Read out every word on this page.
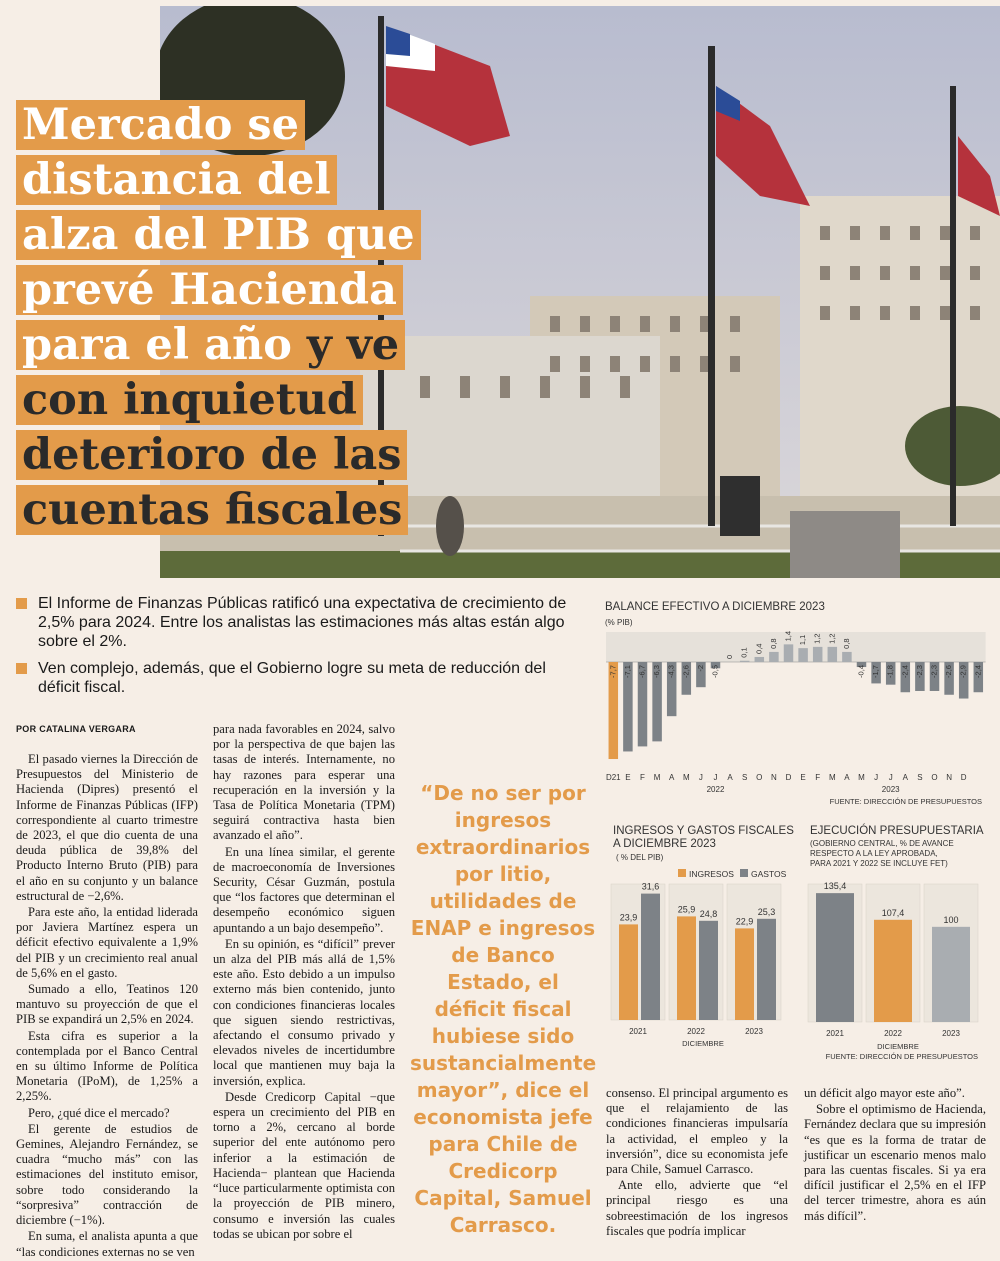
Mercado se
distancia del
alza del PIB que
prevé Hacienda
para el año y ve
con inquietud
deterioro de las
cuentas fiscales
El Informe de Finanzas Públicas ratificó una expectativa de crecimiento de 2,5% para 2024. Entre los analistas las estimaciones más altas están algo sobre el 2%.
Ven complejo, además, que el Gobierno logre su meta de reducción del déficit fiscal.
POR CATALINA VERGARA

El pasado viernes la Dirección de Presupuestos del Ministerio de Hacienda (Dipres) presentó el Informe de Finanzas Públicas (IFP) correspondiente al cuarto trimestre de 2023, el que dio cuenta de una deuda pública de 39,8% del Producto Interno Bruto (PIB) para el año en su conjunto y un balance estructural de −2,6%.

Para este año, la entidad liderada por Javiera Martínez espera un déficit efectivo equivalente a 1,9% del PIB y un crecimiento real anual de 5,6% en el gasto.

Sumado a ello, Teatinos 120 mantuvo su proyección de que el PIB se expandirá un 2,5% en 2024.

Esta cifra es superior a la contemplada por el Banco Central en su último Informe de Política Monetaria (IPoM), de 1,25% a 2,25%.

Pero, ¿qué dice el mercado?

El gerente de estudios de Gemines, Alejandro Fernández, se cuadra “mucho más” con las estimaciones del instituto emisor, sobre todo considerando la “sorpresiva” contracción de diciembre (−1%).

En suma, el analista apunta a que “las condiciones externas no se ven

para nada favorables en 2024, salvo por la perspectiva de que bajen las tasas de interés. Internamente, no hay razones para esperar una recuperación en la inversión y la Tasa de Política Monetaria (TPM) seguirá contractiva hasta bien avanzado el año”.

En una línea similar, el gerente de macroeconomía de Inversiones Security, César Guzmán, postula que “los factores que determinan el desempeño económico siguen apuntando a un bajo desempeño”.

En su opinión, es “difícil” prever un alza del PIB más allá de 1,5% este año. Esto debido a un impulso externo más bien contenido, junto con condiciones financieras locales que siguen siendo restrictivas, afectando el consumo privado y elevados niveles de incertidumbre local que mantienen muy baja la inversión, explica.

Desde Credicorp Capital −que espera un crecimiento del PIB en torno a 2%, cercano al borde superior del ente autónomo pero inferior a la estimación de Hacienda− plantean que Hacienda “luce particularmente optimista con la proyección de PIB minero, consumo e inversión las cuales todas se ubican por sobre el

“De no ser por ingresos extraordinarios por litio, utilidades de ENAP e ingresos de Banco Estado, el déficit fiscal hubiese sido sustancialmente mayor”, dice el economista jefe para Chile de Credicorp Capital, Samuel Carrasco.

consenso. El principal argumento es que el relajamiento de las condiciones financieras impulsaría la actividad, el empleo y la inversión”, dice su economista jefe para Chile, Samuel Carrasco.

Ante ello, advierte que “el principal riesgo es una sobreestimación de los ingresos fiscales que podría implicar

un déficit algo mayor este año”.

Sobre el optimismo de Hacienda, Fernández declara que su impresión “es que es la forma de tratar de justificar un escenario menos malo para las cuentas fiscales. Si ya era difícil justificar el 2,5% en el IFP del tercer trimestre, ahora es aún más difícil”.

BALANCE EFECTIVO A DICIEMBRE 2023
(% PIB)
-7,7 -7,1 -6,7 -6,3 -4,3 -2,6 -2 -0,5
0 0,1 0,4 0,8
1,4 1,1 1,2 1,2 0,8
-0,4 -1,7 -1,8 -2,4 -2,3 -2,3 -2,6 -2,9 -2,4
D21 E F M A M J J A S O N D E F M A M J J A S O N D
2022	2023
FUENTE: DIRECCIÓN DE PRESUPUESTOS
INGRESOS Y GASTOS FISCALES A DICIEMBRE 2023
( % DEL PIB)
INGRESOS GASTOS
23,9
31,6
2021
25,9 24,8
2022
22,9
25,3
2023
DICIEMBRE
EJECUCIÓN PRESUPUESTARIA
(GOBIERNO CENTRAL, % DE AVANCE RESPECTO A LA LEY APROBADA, PARA 2021 Y 2022 SE INCLUYE FET)
135,4
2021
107,4
2022
100
2023
DICIEMBRE
FUENTE: DIRECCIÓN DE PRESUPUESTOS
